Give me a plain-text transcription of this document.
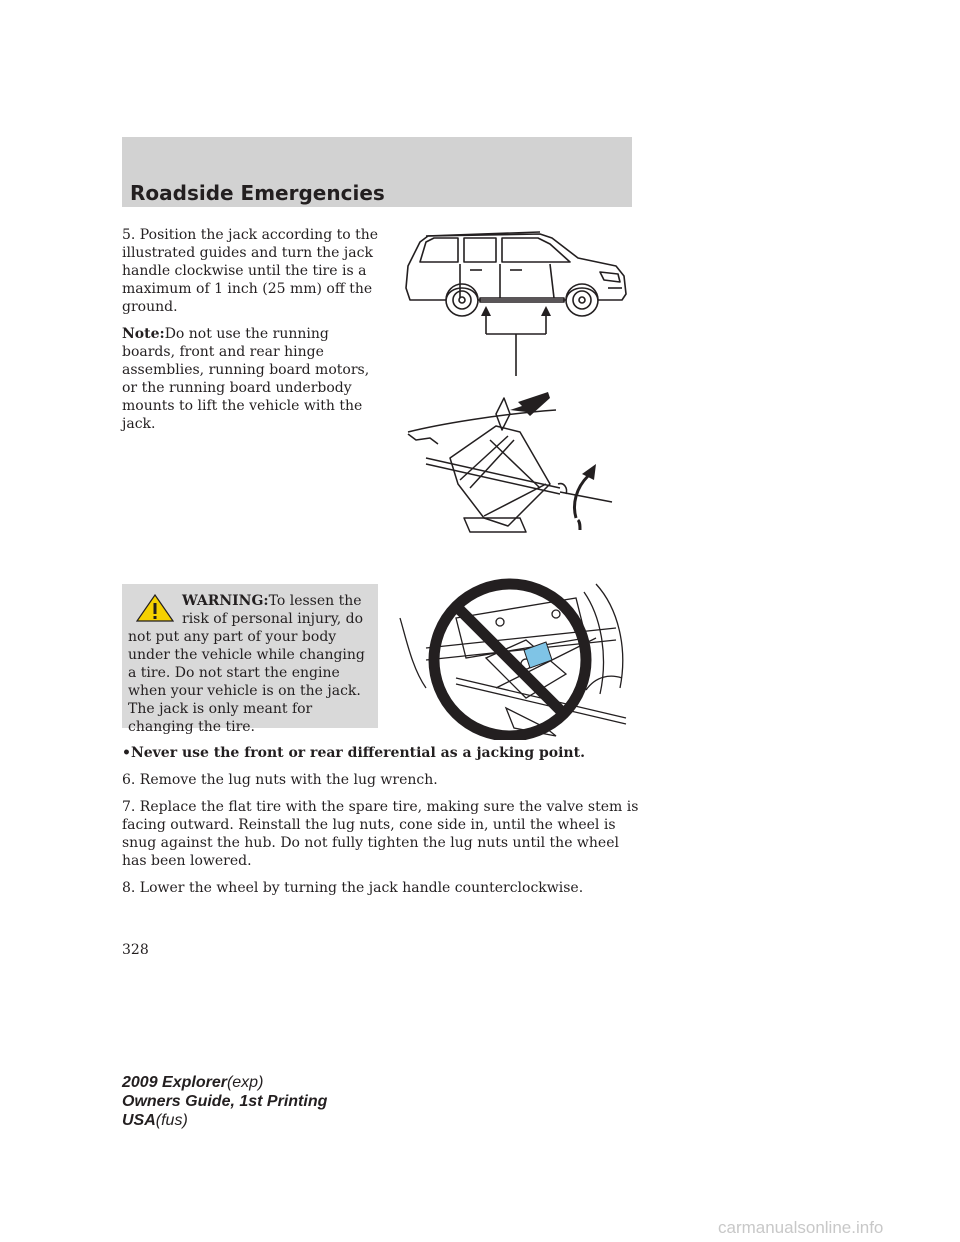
Roadside Emergencies

5. Position the jack according to the illustrated guides and turn the jack handle clockwise until the tire is a maximum of 1 inch (25 mm) off the ground.

Note:Do not use the running boards, front and rear hinge assemblies, running board motors, or the running board underbody mounts to lift the vehicle with the jack.

WARNING:To lessen the risk of personal injury, do not put any part of your body under the vehicle while changing a tire. Do not start the engine when your vehicle is on the jack. The jack is only meant for changing the tire.

•Never use the front or rear differential as a jacking point.

6. Remove the lug nuts with the lug wrench.

7. Replace the flat tire with the spare tire, making sure the valve stem is facing outward. Reinstall the lug nuts, cone side in, until the wheel is snug against the hub. Do not fully tighten the lug nuts until the wheel has been lowered.

8. Lower the wheel by turning the jack handle counterclockwise.

328

2009 Explorer(exp)
Owners Guide, 1st Printing
USA(fus)
carmanualsonline.info
